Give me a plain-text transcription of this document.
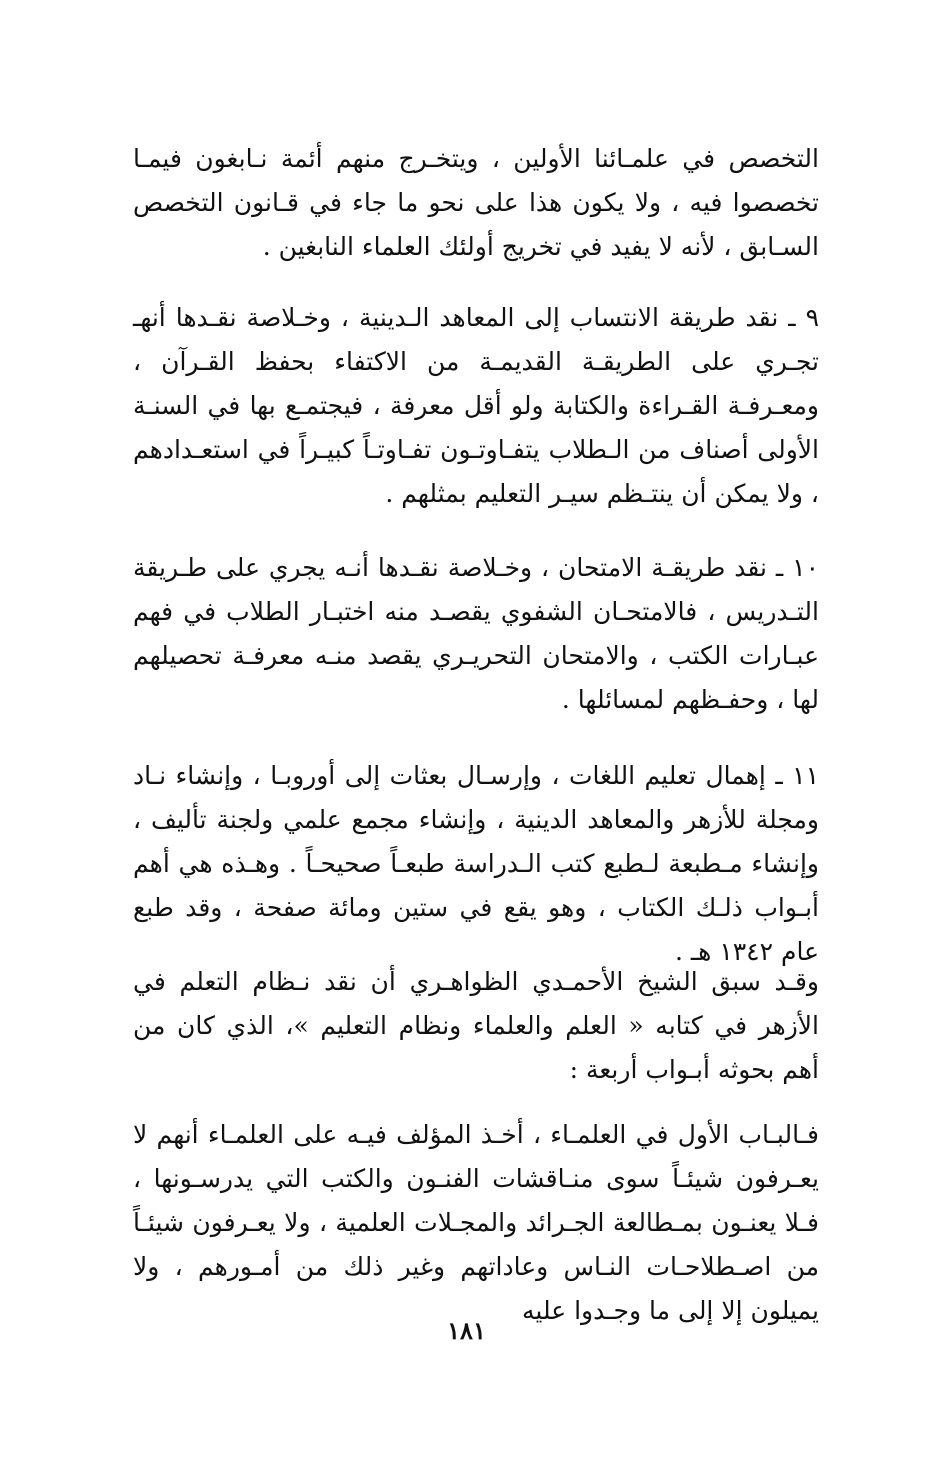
التخصص في علمـائنا الأولين ، ويتخـرج منهم أئمة نـابغون فيمـا تخصصوا فيه ، ولا يكون هذا على نحو ما جاء في قـانون التخصص السـابق ، لأنه لا يفيد في تخريج أولئك العلماء النابغين .

٩ ـ نقد طريقة الانتساب إلى المعاهد الـدينية ، وخـلاصة نقـدها أنهـ تجـري على الطريقـة القديمـة من الاكتفاء بحفظ القـرآن ، ومعـرفـة القـراءة والكتابة ولو أقل معرفة ، فيجتمـع بها في السنـة الأولى أصناف من الـطلاب يتفـاوتـون تفـاوتـاً كبيـراً في استعـدادهم ، ولا يمكن أن ينتـظم سيـر التعليم بمثلهم .

١٠ ـ نقد طريقـة الامتحان ، وخـلاصة نقـدها أنـه يجري على طـريقة التـدريس ، فالامتحـان الشفوي يقصـد منه اختبـار الطلاب في فهم عبـارات الكتب ، والامتحان التحريـري يقصد منـه معرفـة تحصيلهم لها ، وحفـظهم لمسائلها .

١١ ـ إهمال تعليم اللغات ، وإرسـال بعثات إلى أوروبـا ، وإنشاء نـاد ومجلة للأزهر والمعاهد الدينية ، وإنشاء مجمع علمي ولجنة تأليف ، وإنشاء مـطبعة لـطبع كتب الـدراسة طبعـاً صحيحـاً . وهـذه هي أهم أبـواب ذلـك الكتاب ، وهو يقع في ستين ومائة صفحة ، وقد طبع عام ١٣٤٢ هـ .

وقـد سبق الشيخ الأحمـدي الظواهـري أن نقد نـظام التعلم في الأزهر في كتابه « العلم والعلماء ونظام التعليم »، الذي كان من أهم بحوثه أبـواب أربعة :

فـالبـاب الأول في العلمـاء ، أخـذ المؤلف فيـه على العلمـاء أنهم لا يعـرفون شيئـاً سوى منـاقشات الفنـون والكتب التي يدرسـونها ، فـلا يعنـون بمـطالعة الجـرائد والمجـلات العلمية ، ولا يعـرفون شيئـاً من اصـطلاحـات النـاس وعاداتهم وغير ذلك من أمـورهم ، ولا يميلون إلا إلى ما وجـدوا عليه

١٨١
